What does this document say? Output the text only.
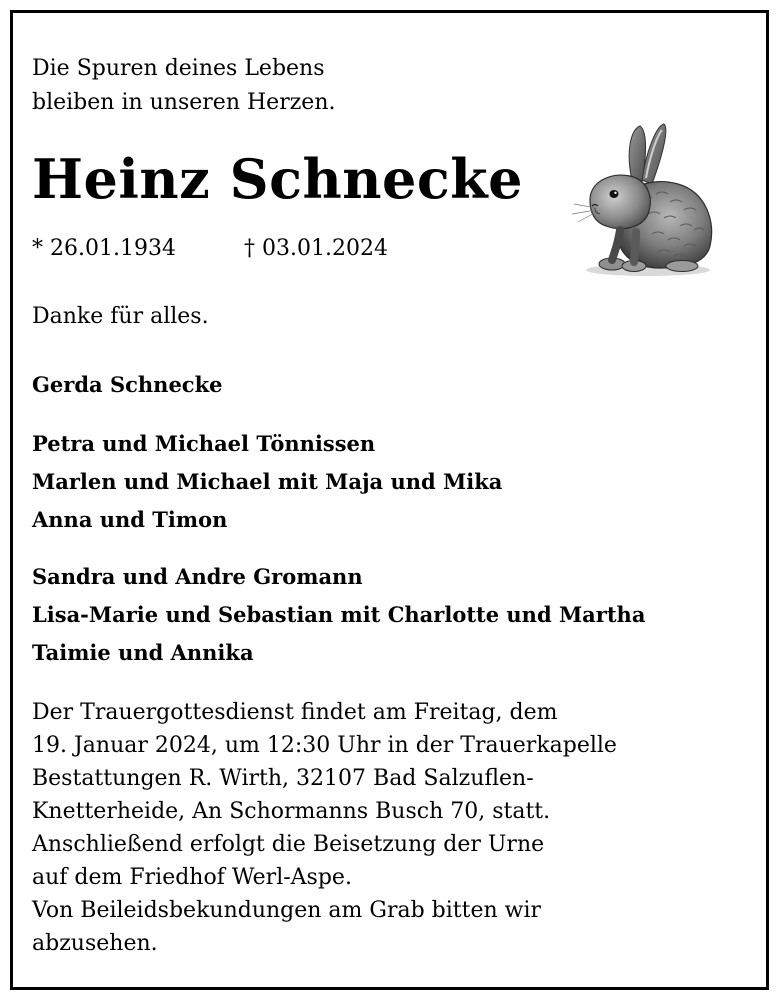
Die Spuren deines Lebens
bleiben in unseren Herzen.
Heinz Schnecke
* 26.01.1934	† 03.01.2024
Danke für alles.
Gerda Schnecke
Petra und Michael Tönnissen
Marlen und Michael mit Maja und Mika
Anna und Timon
Sandra und Andre Gromann
Lisa-Marie und Sebastian mit Charlotte und Martha
Taimie und Annika
Der Trauergottesdienst findet am Freitag, dem
19. Januar 2024, um 12:30 Uhr in der Trauerkapelle
Bestattungen R. Wirth, 32107 Bad Salzuflen-
Knetterheide, An Schormanns Busch 70, statt.
Anschließend erfolgt die Beisetzung der Urne
auf dem Friedhof Werl-Aspe.
Von Beileidsbekundungen am Grab bitten wir
abzusehen.
